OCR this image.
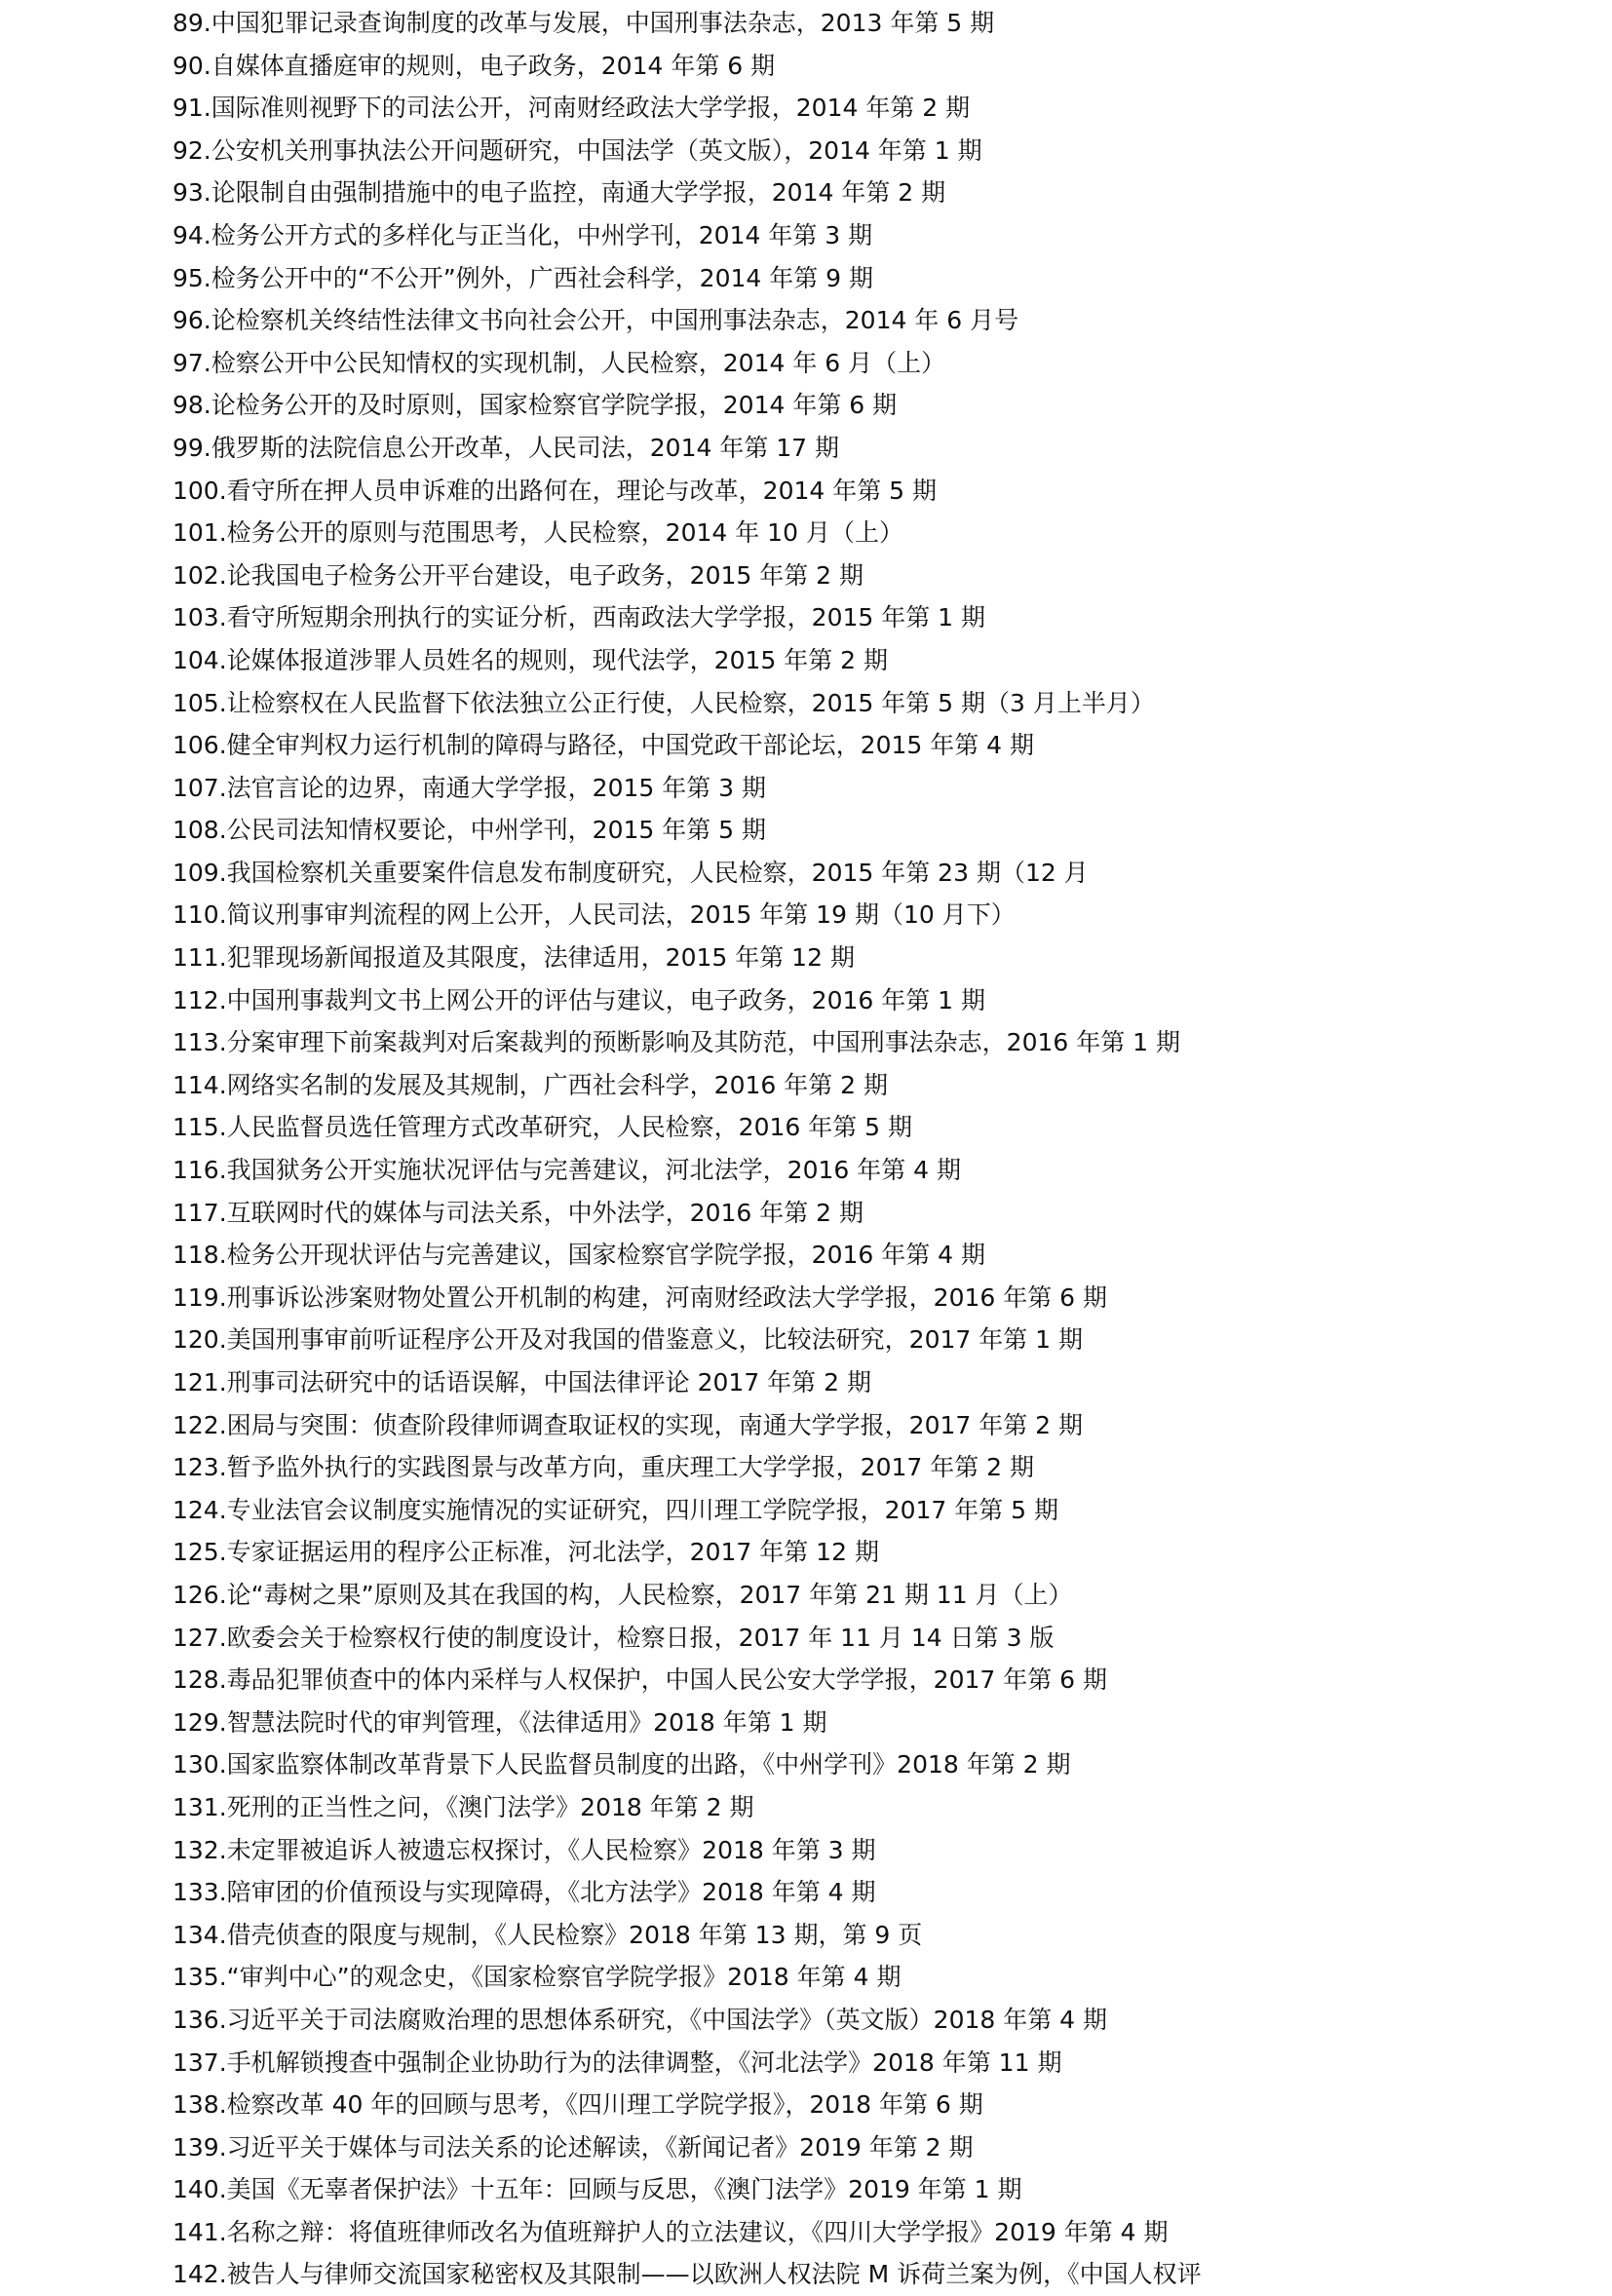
89.中国犯罪记录查询制度的改革与发展，中国刑事法杂志，2013 年第 5 期
90.自媒体直播庭审的规则，电子政务，2014 年第 6 期
91.国际准则视野下的司法公开，河南财经政法大学学报，2014 年第 2 期
92.公安机关刑事执法公开问题研究，中国法学（英文版），2014 年第 1 期
93.论限制自由强制措施中的电子监控，南通大学学报，2014 年第 2 期
94.检务公开方式的多样化与正当化，中州学刊，2014 年第 3 期
95.检务公开中的“不公开”例外，广西社会科学，2014 年第 9 期
96.论检察机关终结性法律文书向社会公开，中国刑事法杂志，2014 年 6 月号
97.检察公开中公民知情权的实现机制，人民检察，2014 年 6 月（上）
98.论检务公开的及时原则，国家检察官学院学报，2014 年第 6 期
99.俄罗斯的法院信息公开改革，人民司法，2014 年第 17 期
100.看守所在押人员申诉难的出路何在，理论与改革，2014 年第 5 期
101.检务公开的原则与范围思考，人民检察，2014 年 10 月（上）
102.论我国电子检务公开平台建设，电子政务，2015 年第 2 期
103.看守所短期余刑执行的实证分析，西南政法大学学报，2015 年第 1 期
104.论媒体报道涉罪人员姓名的规则，现代法学，2015 年第 2 期
105.让检察权在人民监督下依法独立公正行使，人民检察，2015 年第 5 期（3 月上半月）
106.健全审判权力运行机制的障碍与路径，中国党政干部论坛，2015 年第 4 期
107.法官言论的边界，南通大学学报，2015 年第 3 期
108.公民司法知情权要论，中州学刊，2015 年第 5 期
109.我国检察机关重要案件信息发布制度研究，人民检察，2015 年第 23 期（12 月
110.简议刑事审判流程的网上公开，人民司法，2015 年第 19 期（10 月下）
111.犯罪现场新闻报道及其限度，法律适用，2015 年第 12 期
112.中国刑事裁判文书上网公开的评估与建议，电子政务，2016 年第 1 期
113.分案审理下前案裁判对后案裁判的预断影响及其防范，中国刑事法杂志，2016 年第 1 期
114.网络实名制的发展及其规制，广西社会科学，2016 年第 2 期
115.人民监督员选任管理方式改革研究，人民检察，2016 年第 5 期
116.我国狱务公开实施状况评估与完善建议，河北法学，2016 年第 4 期
117.互联网时代的媒体与司法关系，中外法学，2016 年第 2 期
118.检务公开现状评估与完善建议，国家检察官学院学报，2016 年第 4 期
119.刑事诉讼涉案财物处置公开机制的构建，河南财经政法大学学报，2016 年第 6 期
120.美国刑事审前听证程序公开及对我国的借鉴意义，比较法研究，2017 年第 1 期
121.刑事司法研究中的话语误解，中国法律评论 2017 年第 2 期
122.困局与突围：侦查阶段律师调查取证权的实现，南通大学学报，2017 年第 2 期
123.暂予监外执行的实践图景与改革方向，重庆理工大学学报，2017 年第 2 期
124.专业法官会议制度实施情况的实证研究，四川理工学院学报，2017 年第 5 期
125.专家证据运用的程序公正标准，河北法学，2017 年第 12 期
126.论“毒树之果”原则及其在我国的构，人民检察，2017 年第 21 期 11 月（上）
127.欧委会关于检察权行使的制度设计，检察日报，2017 年 11 月 14 日第 3 版
128.毒品犯罪侦查中的体内采样与人权保护，中国人民公安大学学报，2017 年第 6 期
129.智慧法院时代的审判管理，《法律适用》2018 年第 1 期
130.国家监察体制改革背景下人民监督员制度的出路，《中州学刊》2018 年第 2 期
131.死刑的正当性之问，《澳门法学》2018 年第 2 期
132.未定罪被追诉人被遗忘权探讨，《人民检察》2018 年第 3 期
133.陪审团的价值预设与实现障碍，《北方法学》2018 年第 4 期
134.借壳侦查的限度与规制，《人民检察》2018 年第 13 期，第 9 页
135.“审判中心”的观念史，《国家检察官学院学报》2018 年第 4 期
136.习近平关于司法腐败治理的思想体系研究，《中国法学》（英文版）2018 年第 4 期
137.手机解锁搜查中强制企业协助行为的法律调整，《河北法学》2018 年第 11 期
138.检察改革 40 年的回顾与思考，《四川理工学院学报》，2018 年第 6 期
139.习近平关于媒体与司法关系的论述解读，《新闻记者》2019 年第 2 期
140.美国《无辜者保护法》十五年：回顾与反思，《澳门法学》2019 年第 1 期
141.名称之辩：将值班律师改名为值班辩护人的立法建议，《四川大学学报》2019 年第 4 期
142.被告人与律师交流国家秘密权及其限制——以欧洲人权法院 M 诉荷兰案为例，《中国人权评
